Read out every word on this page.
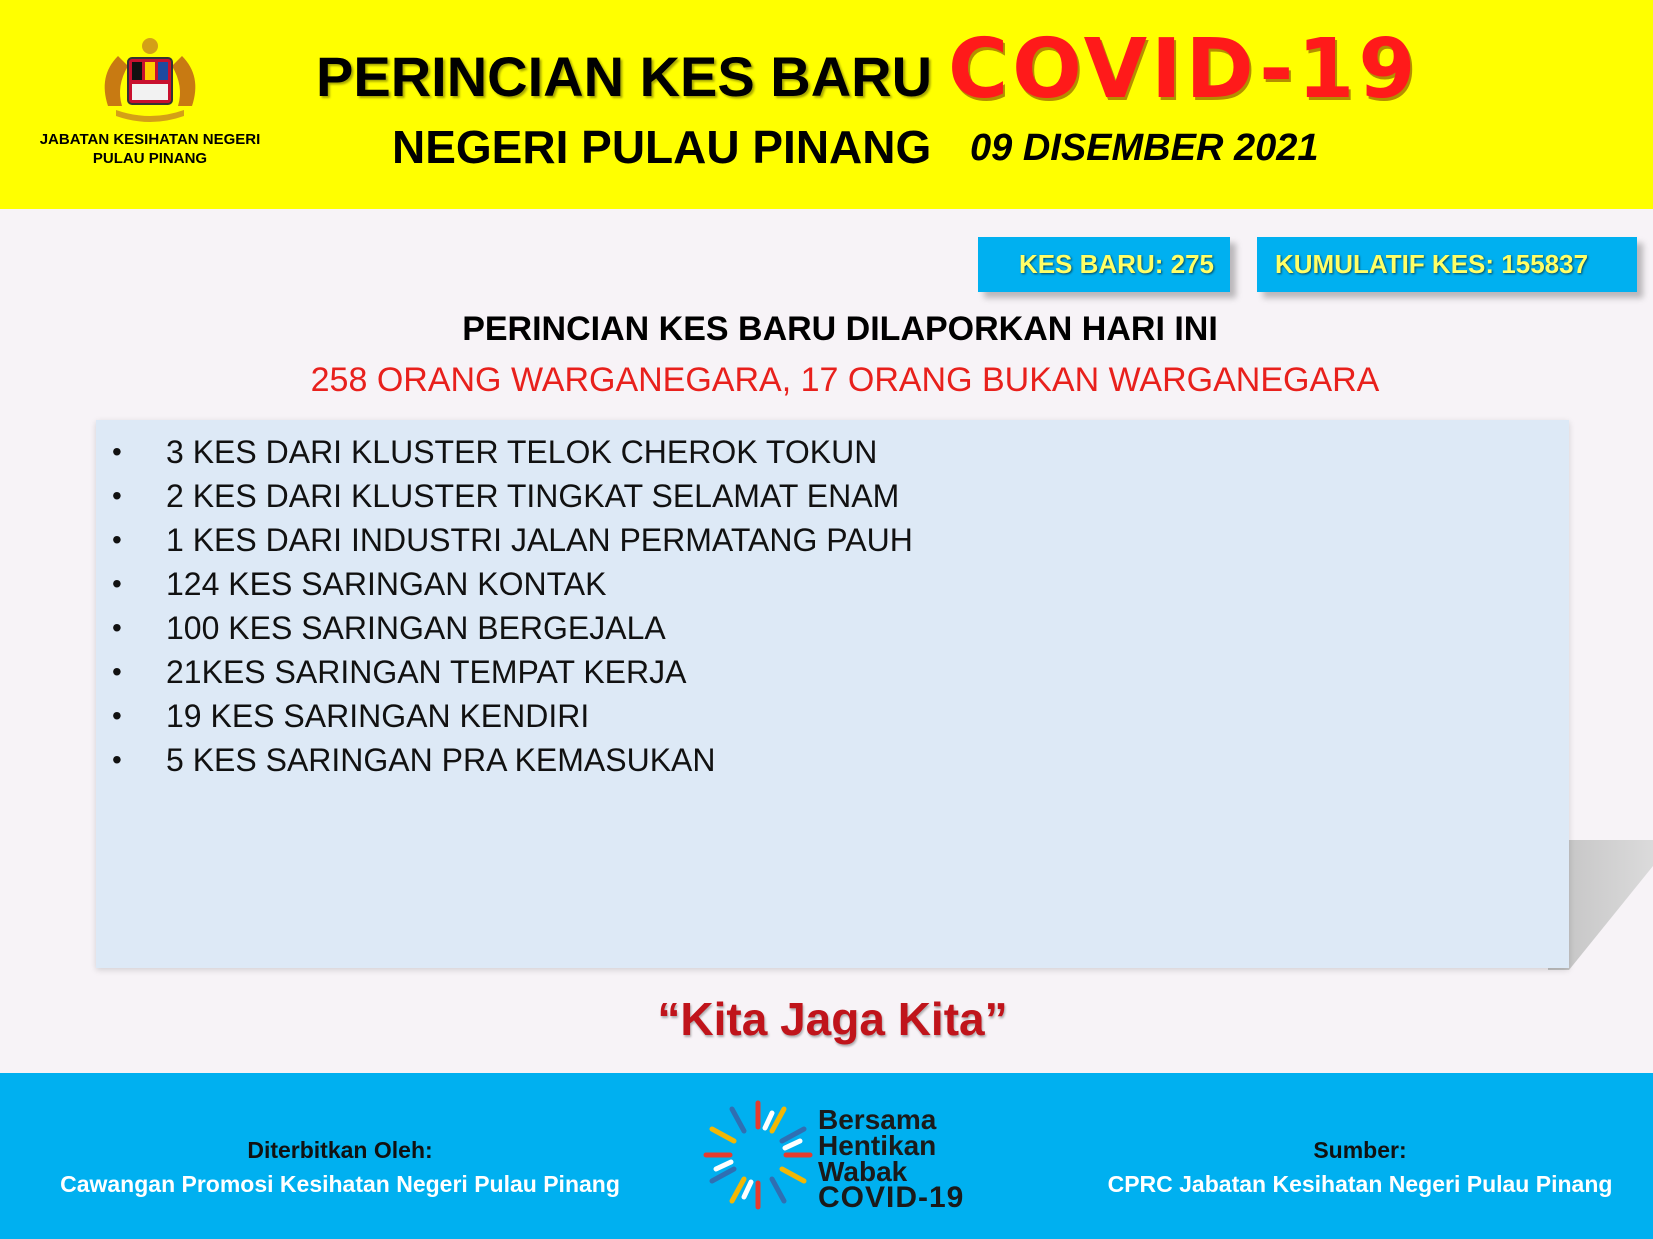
JABATAN KESIHATAN NEGERI
PULAU PINANG
PERINCIAN KES BARU COVID-19
NEGERI PULAU PINANG 09 DISEMBER 2021
KES BARU: 275	KUMULATIF KES: 155837
PERINCIAN KES BARU DILAPORKAN HARI INI
258 ORANG WARGANEGARA, 17 ORANG BUKAN WARGANEGARA
• 3 KES DARI KLUSTER TELOK CHEROK TOKUN
• 2 KES DARI KLUSTER TINGKAT SELAMAT ENAM
• 1 KES DARI INDUSTRI JALAN PERMATANG PAUH
• 124 KES SARINGAN KONTAK
• 100 KES SARINGAN BERGEJALA
• 21KES SARINGAN TEMPAT KERJA
• 19 KES SARINGAN KENDIRI
• 5 KES SARINGAN PRA KEMASUKAN
“Kita Jaga Kita”
Diterbitkan Oleh:
Cawangan Promosi Kesihatan Negeri Pulau Pinang
Bersama
Hentikan
Wabak
COVID-19
Sumber:
CPRC Jabatan Kesihatan Negeri Pulau Pinang
